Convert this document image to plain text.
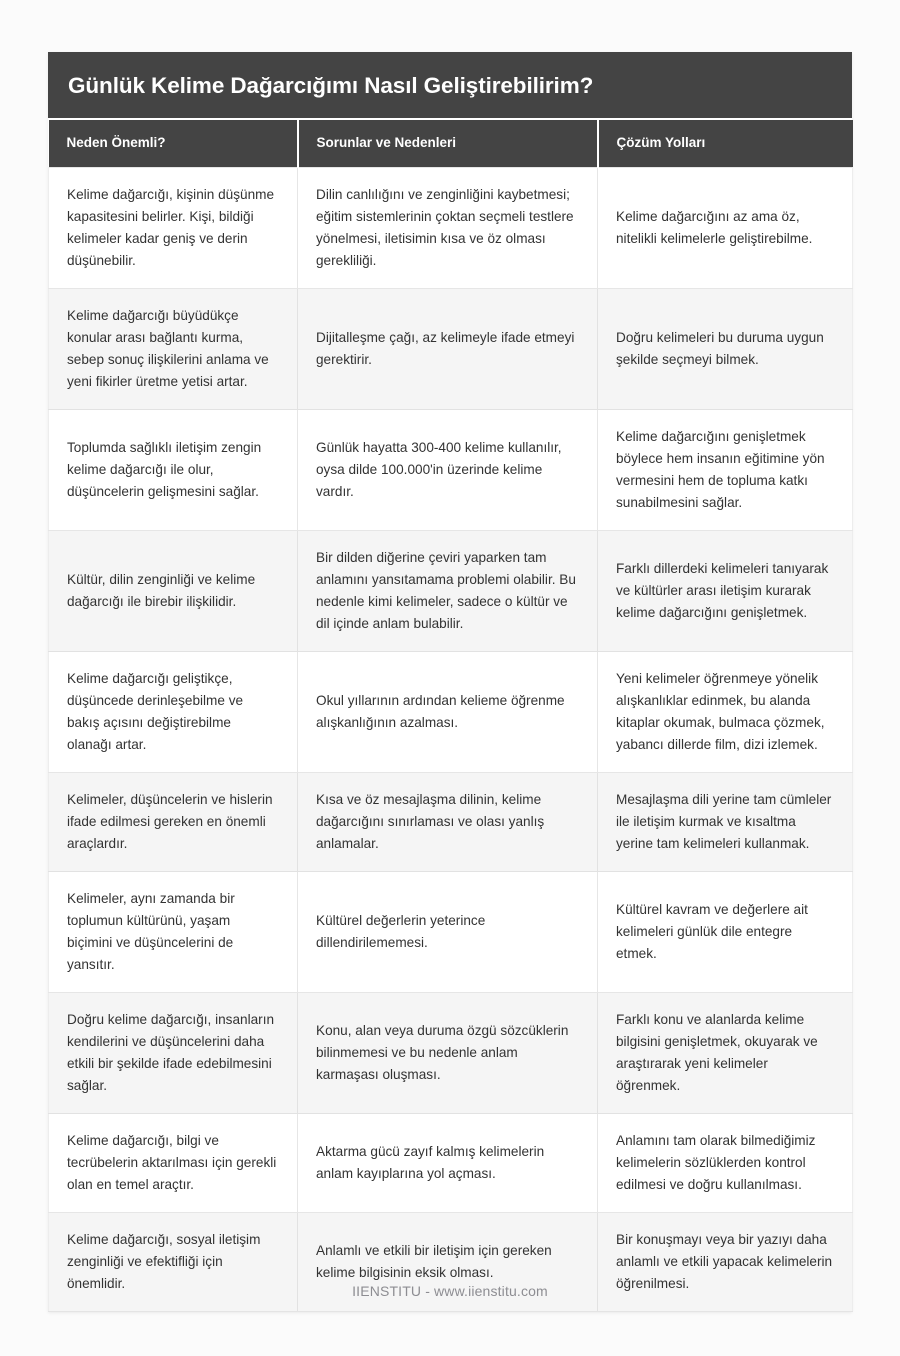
Günlük Kelime Dağarcığımı Nasıl Geliştirebilirim?
Neden Önemli?	Sorunlar ve Nedenleri	Çözüm Yolları
Kelime dağarcığı, kişinin düşünme kapasitesini belirler. Kişi, bildiği kelimeler kadar geniş ve derin düşünebilir.	Dilin canlılığını ve zenginliğini kaybetmesi; eğitim sistemlerinin çoktan seçmeli testlere yönelmesi, iletisimin kısa ve öz olması gerekliliği.	Kelime dağarcığını az ama öz, nitelikli kelimelerle geliştirebilme.
Kelime dağarcığı büyüdükçe konular arası bağlantı kurma, sebep sonuç ilişkilerini anlama ve yeni fikirler üretme yetisi artar.	Dijitalleşme çağı, az kelimeyle ifade etmeyi gerektirir.	Doğru kelimeleri bu duruma uygun şekilde seçmeyi bilmek.
Toplumda sağlıklı iletişim zengin kelime dağarcığı ile olur, düşüncelerin gelişmesini sağlar.	Günlük hayatta 300-400 kelime kullanılır, oysa dilde 100.000'in üzerinde kelime vardır.	Kelime dağarcığını genişletmek böylece hem insanın eğitimine yön vermesini hem de topluma katkı sunabilmesini sağlar.
Kültür, dilin zenginliği ve kelime dağarcığı ile birebir ilişkilidir.	Bir dilden diğerine çeviri yaparken tam anlamını yansıtamama problemi olabilir. Bu nedenle kimi kelimeler, sadece o kültür ve dil içinde anlam bulabilir.	Farklı dillerdeki kelimeleri tanıyarak ve kültürler arası iletişim kurarak kelime dağarcığını genişletmek.
Kelime dağarcığı geliştikçe, düşüncede derinleşebilme ve bakış açısını değiştirebilme olanağı artar.	Okul yıllarının ardından kelieme öğrenme alışkanlığının azalması.	Yeni kelimeler öğrenmeye yönelik alışkanlıklar edinmek, bu alanda kitaplar okumak, bulmaca çözmek, yabancı dillerde film, dizi izlemek.
Kelimeler, düşüncelerin ve hislerin ifade edilmesi gereken en önemli araçlardır.	Kısa ve öz mesajlaşma dilinin, kelime dağarcığını sınırlaması ve olası yanlış anlamalar.	Mesajlaşma dili yerine tam cümleler ile iletişim kurmak ve kısaltma yerine tam kelimeleri kullanmak.
Kelimeler, aynı zamanda bir toplumun kültürünü, yaşam biçimini ve düşüncelerini de yansıtır.	Kültürel değerlerin yeterince dillendirilememesi.	Kültürel kavram ve değerlere ait kelimeleri günlük dile entegre etmek.
Doğru kelime dağarcığı, insanların kendilerini ve düşüncelerini daha etkili bir şekilde ifade edebilmesini sağlar.	Konu, alan veya duruma özgü sözcüklerin bilinmemesi ve bu nedenle anlam karmaşası oluşması.	Farklı konu ve alanlarda kelime bilgisini genişletmek, okuyarak ve araştırarak yeni kelimeler öğrenmek.
Kelime dağarcığı, bilgi ve tecrübelerin aktarılması için gerekli olan en temel araçtır.	Aktarma gücü zayıf kalmış kelimelerin anlam kayıplarına yol açması.	Anlamını tam olarak bilmediğimiz kelimelerin sözlüklerden kontrol edilmesi ve doğru kullanılması.
Kelime dağarcığı, sosyal iletişim zenginliği ve efektifliği için önemlidir.	Anlamlı ve etkili bir iletişim için gereken kelime bilgisinin eksik olması.	Bir konuşmayı veya bir yazıyı daha anlamlı ve etkili yapacak kelimelerin öğrenilmesi.
IIENSTITU - www.iienstitu.com
